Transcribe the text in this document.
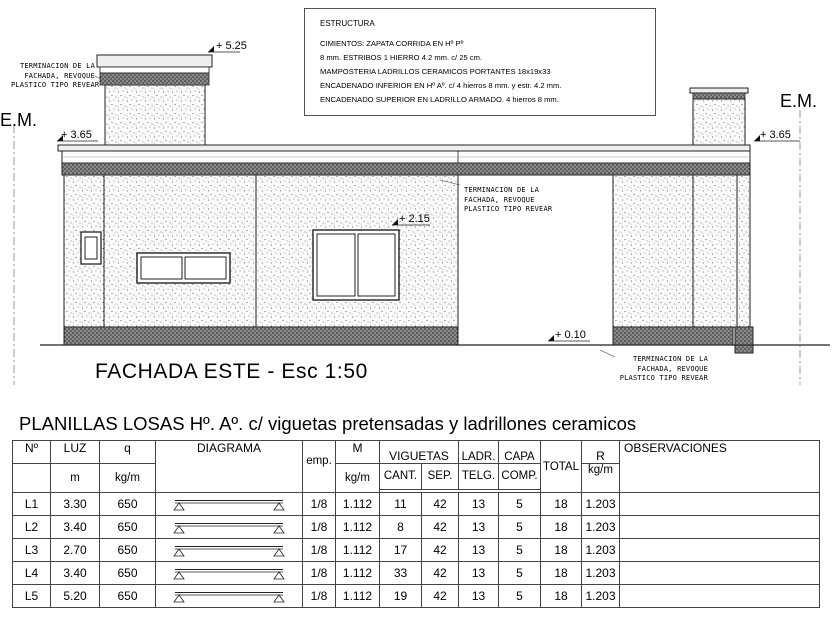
ESTRUCTURA
CIMIENTOS: ZAPATA CORRIDA EN Hº Pº
8 mm. ESTRIBOS 1 HIERRO 4.2 mm. c/ 25 cm.
MAMPOSTERIA LADRILLOS CERAMICOS PORTANTES 18x19x33
ENCADENADO INFERIOR EN Hº Aº. c/ 4 hierros 8 mm. y estr. 4.2 mm.
ENCADENADO SUPERIOR EN LADRILLO ARMADO. 4 hierros 8 mm.
+ 5.25
+ 3.65	+ 3.65
+ 2.15
+ 0.10
E.M.
E.M.
TERMINACION DE LA
FACHADA, REVOQUE
PLASTICO TIPO REVEAR
TERMINACION DE LA
FACHADA, REVOQUE
PLASTICO TIPO REVEAR
TERMINACION DE LA
FACHADA, REVOQUE
PLASTICO TIPO REVEAR
FACHADA ESTE - Esc 1:50
PLANILLAS LOSAS Hº. Aº. c/ viguetas pretensadas y ladrillones ceramicos
Nº	LUZ	q	DIAGRAMA	emp.	M	VIGUETAS		LADR.	CAPA	TOTAL	R	OBSERVACIONES
	m	kg/m			kg/m	CANT.	SEP.	TELG.	COMP.		kg/m	

L1	3.30	650		1/8	1.112	11	42	13	5	18	1.203	
L2	3.40	650		1/8	1.112	8	42	13	5	18	1.203	
L3	2.70	650		1/8	1.112	17	42	13	5	18	1.203	
L4	3.40	650		1/8	1.112	33	42	13	5	18	1.203	
L5	5.20	650		1/8	1.112	19	42	13	5	18	1.203	
